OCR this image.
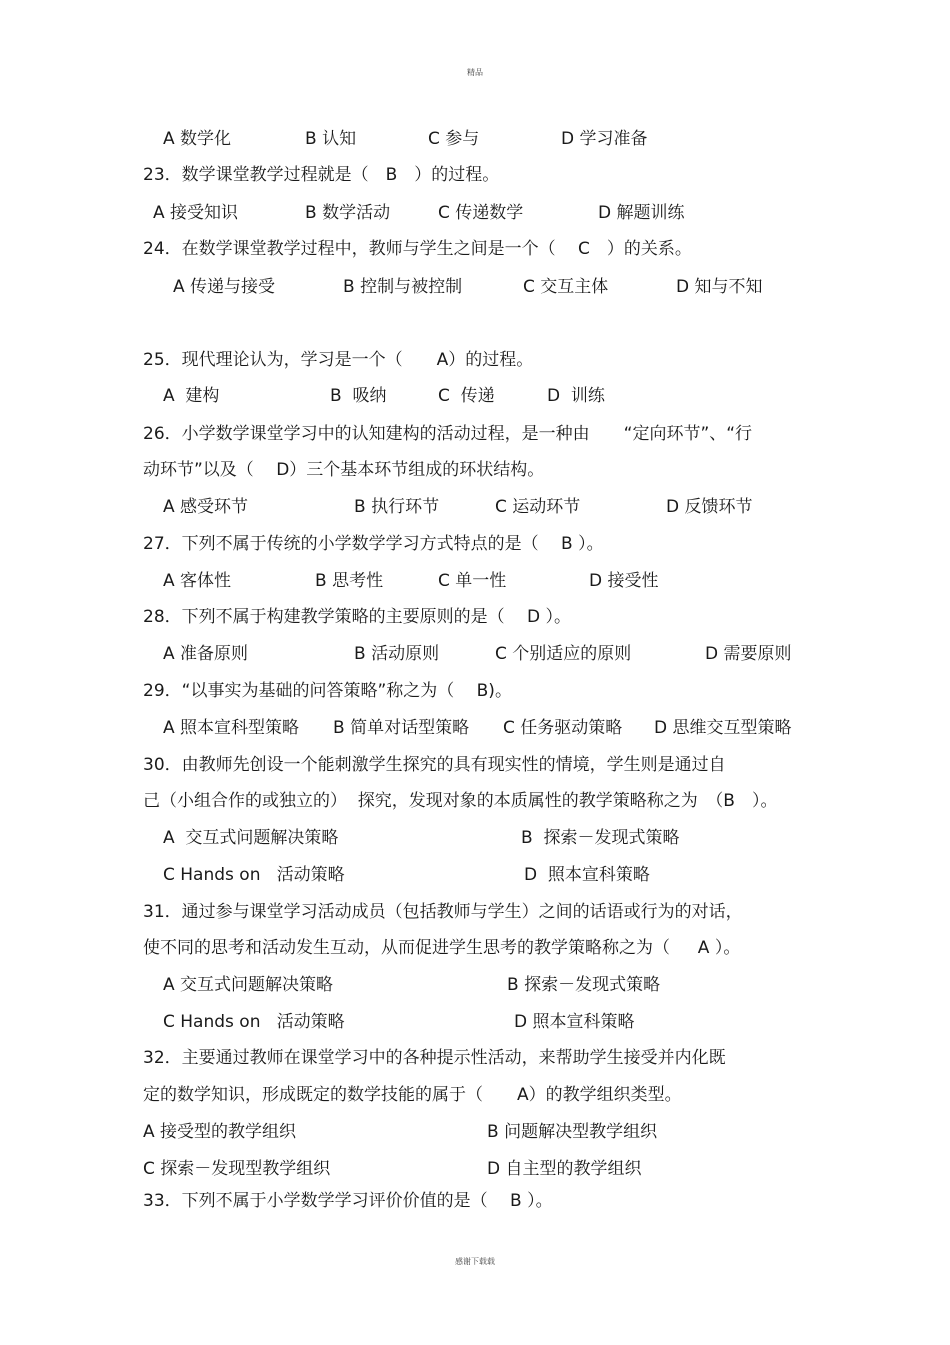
精品
A 数学化	B 认知	C 参与	D 学习准备
23．数学课堂教学过程就是（　B　）的过程。
A 接受知识	B 数学活动	C 传递数学	D 解题训练
24．在数学课堂教学过程中，教师与学生之间是一个（　 C　）的关系。
A 传递与接受	B 控制与被控制	C 交互主体	D 知与不知
25．现代理论认为，学习是一个（　　A）的过程。
A  建构	B  吸纳	C  传递	D  训练
26．小学数学课堂学习中的认知建构的活动过程，是一种由　　“定向环节”、“行
动环节”以及（　 D）三个基本环节组成的环状结构。
A 感受环节	B 执行环节	C 运动环节	D 反馈环节
27．下列不属于传统的小学数学学习方式特点的是（　 B ）。
A 客体性	B 思考性	C 单一性	D 接受性
28．下列不属于构建教学策略的主要原则的是（　 D ）。
A 准备原则	B 活动原则	C 个别适应的原则	D 需要原则
29．“以事实为基础的问答策略”称之为（　 B)。
A 照本宣科型策略 B 简单对话型策略 C 任务驱动策略 D 思维交互型策略
30．由教师先创设一个能刺激学生探究的具有现实性的情境，学生则是通过自
己（小组合作的或独立的）  探究，发现对象的本质属性的教学策略称之为　（B　）。
A  交互式问题解决策略	B  探索－发现式策略
C Hands on   活动策略	D  照本宣科策略
31．通过参与课堂学习活动成员（包括教师与学生）之间的话语或行为的对话，
使不同的思考和活动发生互动，从而促进学生思考的教学策略称之为（　  A ）。
A 交互式问题解决策略	B 探索－发现式策略
C Hands on   活动策略	D 照本宣科策略
32．主要通过教师在课堂学习中的各种提示性活动，来帮助学生接受并内化既
定的数学知识，形成既定的数学技能的属于（　　A）的教学组织类型。
A 接受型的教学组织	B 问题解决型教学组织
C 探索－发现型教学组织	D 自主型的教学组织
33．下列不属于小学数学学习评价价值的是（　 B ）。
感谢下载载
